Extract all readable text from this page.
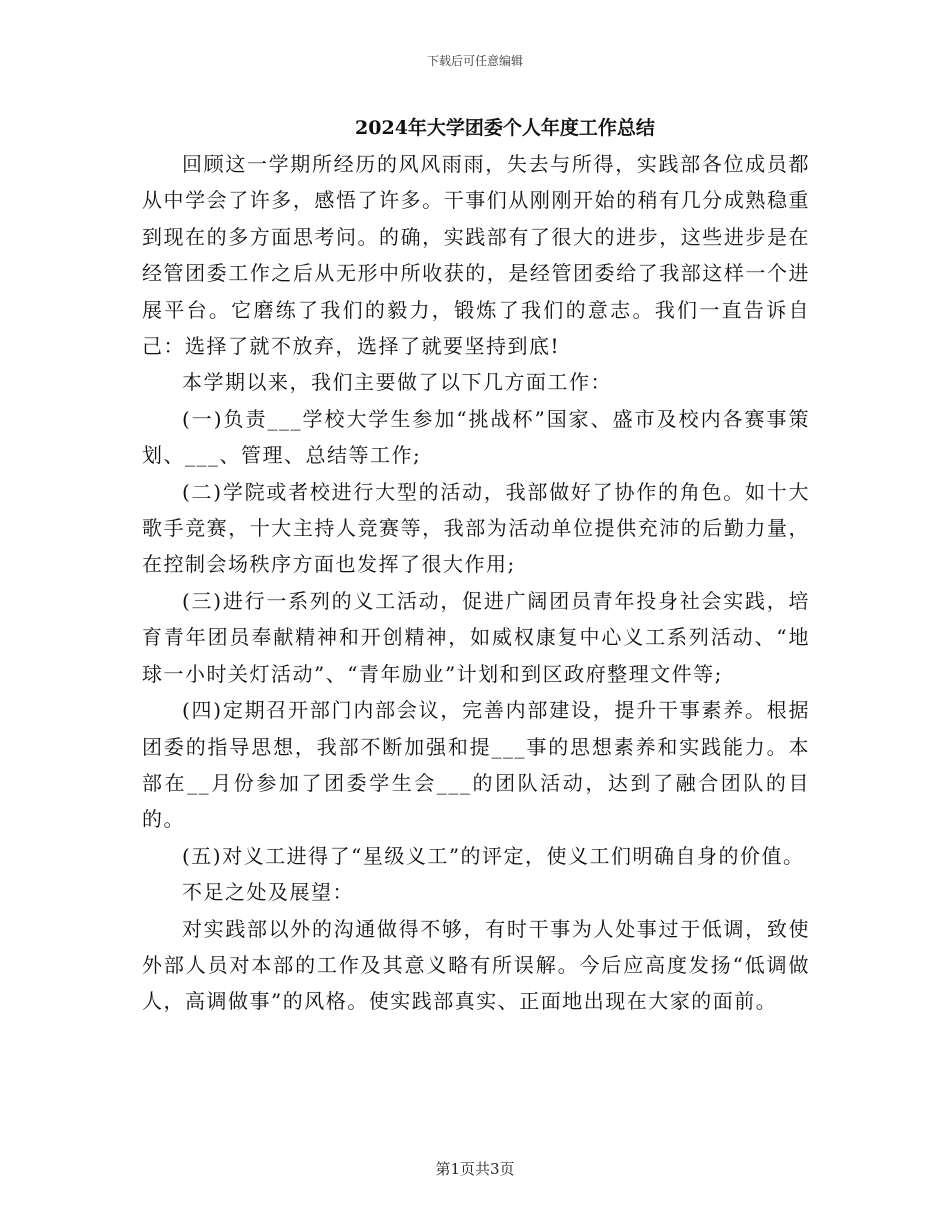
下载后可任意编辑
2024年大学团委个人年度工作总结

回顾这一学期所经历的风风雨雨，失去与所得，实践部各位成员都从中学会了许多，感悟了许多。干事们从刚刚开始的稍有几分成熟稳重到现在的多方面思考问。的确，实践部有了很大的进步，这些进步是在经管团委工作之后从无形中所收获的，是经管团委给了我部这样一个进展平台。它磨练了我们的毅力，锻炼了我们的意志。我们一直告诉自己：选择了就不放弃，选择了就要坚持到底!

本学期以来，我们主要做了以下几方面工作：

(一)负责___学校大学生参加“挑战杯”国家、盛市及校内各赛事策划、___、管理、总结等工作;

(二)学院或者校进行大型的活动，我部做好了协作的角色。如十大歌手竞赛，十大主持人竞赛等，我部为活动单位提供充沛的后勤力量，在控制会场秩序方面也发挥了很大作用;

(三)进行一系列的义工活动，促进广阔团员青年投身社会实践，培育青年团员奉献精神和开创精神，如威权康复中心义工系列活动、“地球一小时关灯活动”、“青年励业”计划和到区政府整理文件等;

(四)定期召开部门内部会议，完善内部建设，提升干事素养。根据团委的指导思想，我部不断加强和提___事的思想素养和实践能力。本部在__月份参加了团委学生会___的团队活动，达到了融合团队的目的。

(五)对义工进得了“星级义工”的评定，使义工们明确自身的价值。

不足之处及展望：

对实践部以外的沟通做得不够，有时干事为人处事过于低调，致使外部人员对本部的工作及其意义略有所误解。今后应高度发扬“低调做人，高调做事”的风格。使实践部真实、正面地出现在大家的面前。

第1页共3页
